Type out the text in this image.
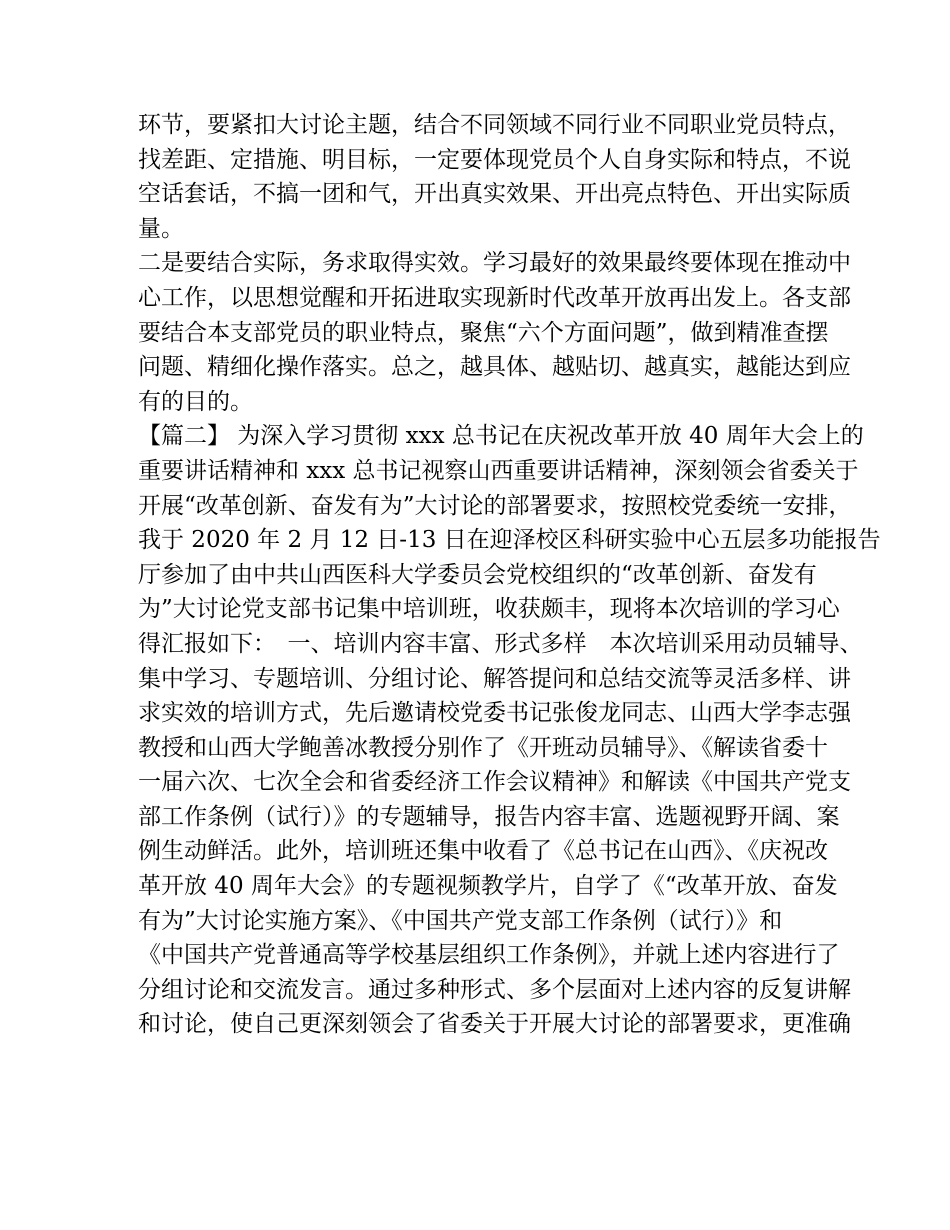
环节，要紧扣大讨论主题，结合不同领域不同行业不同职业党员特点，
找差距、定措施、明目标，一定要体现党员个人自身实际和特点，不说
空话套话，不搞一团和气，开出真实效果、开出亮点特色、开出实际质
量。
二是要结合实际，务求取得实效。学习最好的效果最终要体现在推动中
心工作，以思想觉醒和开拓进取实现新时代改革开放再出发上。各支部
要结合本支部党员的职业特点，聚焦“六个方面问题”，做到精准查摆
问题、精细化操作落实。总之，越具体、越贴切、越真实，越能达到应
有的目的。
【篇二】 为深入学习贯彻 xxx 总书记在庆祝改革开放 40 周年大会上的
重要讲话精神和 xxx 总书记视察山西重要讲话精神，深刻领会省委关于
开展“改革创新、奋发有为”大讨论的部署要求，按照校党委统一安排，
我于 2020 年 2 月 12 日-13 日在迎泽校区科研实验中心五层多功能报告
厅参加了由中共山西医科大学委员会党校组织的“改革创新、奋发有
为”大讨论党支部书记集中培训班，收获颇丰，现将本次培训的学习心
得汇报如下：　一、培训内容丰富、形式多样　本次培训采用动员辅导、
集中学习、专题培训、分组讨论、解答提问和总结交流等灵活多样、讲
求实效的培训方式，先后邀请校党委书记张俊龙同志、山西大学李志强
教授和山西大学鲍善冰教授分别作了《开班动员辅导》、《解读省委十
一届六次、七次全会和省委经济工作会议精神》和解读《中国共产党支
部工作条例（试行）》的专题辅导，报告内容丰富、选题视野开阔、案
例生动鲜活。此外，培训班还集中收看了《总书记在山西》、《庆祝改
革开放 40 周年大会》的专题视频教学片，自学了《“改革开放、奋发
有为”大讨论实施方案》、《中国共产党支部工作条例（试行）》和
《中国共产党普通高等学校基层组织工作条例》，并就上述内容进行了
分组讨论和交流发言。通过多种形式、多个层面对上述内容的反复讲解
和讨论，使自己更深刻领会了省委关于开展大讨论的部署要求，更准确
